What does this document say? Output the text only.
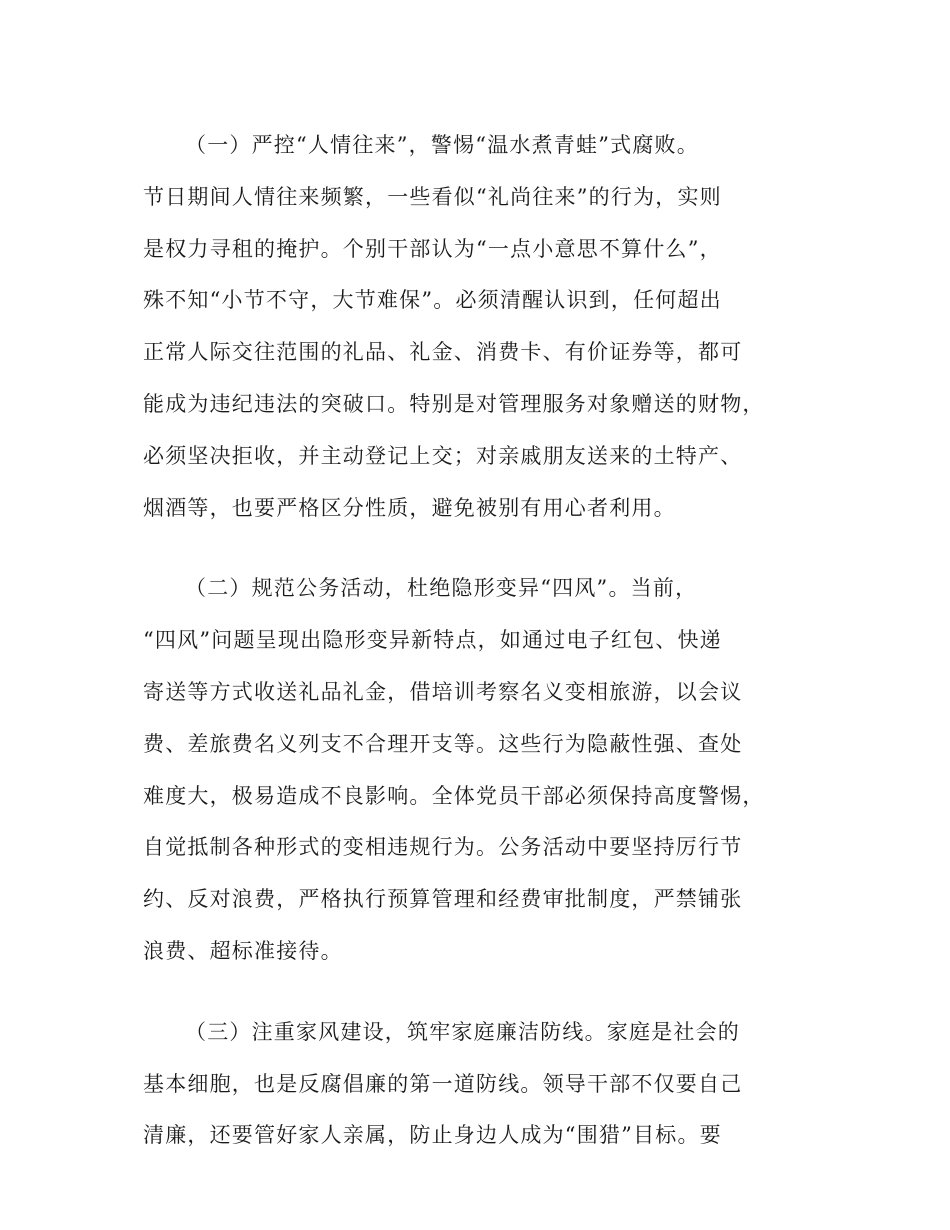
（一）严控“人情往来”，警惕“温水煮青蛙”式腐败。
节日期间人情往来频繁，一些看似“礼尚往来”的行为，实则
是权力寻租的掩护。个别干部认为“一点小意思不算什么”，
殊不知“小节不守，大节难保”。必须清醒认识到，任何超出
正常人际交往范围的礼品、礼金、消费卡、有价证券等，都可
能成为违纪违法的突破口。特别是对管理服务对象赠送的财物，
必须坚决拒收，并主动登记上交；对亲戚朋友送来的土特产、
烟酒等，也要严格区分性质，避免被别有用心者利用。
（二）规范公务活动，杜绝隐形变异“四风”。当前，
“四风”问题呈现出隐形变异新特点，如通过电子红包、快递
寄送等方式收送礼品礼金，借培训考察名义变相旅游，以会议
费、差旅费名义列支不合理开支等。这些行为隐蔽性强、查处
难度大，极易造成不良影响。全体党员干部必须保持高度警惕，
自觉抵制各种形式的变相违规行为。公务活动中要坚持厉行节
约、反对浪费，严格执行预算管理和经费审批制度，严禁铺张
浪费、超标准接待。
（三）注重家风建设，筑牢家庭廉洁防线。家庭是社会的
基本细胞，也是反腐倡廉的第一道防线。领导干部不仅要自己
清廉，还要管好家人亲属，防止身边人成为“围猎”目标。要
